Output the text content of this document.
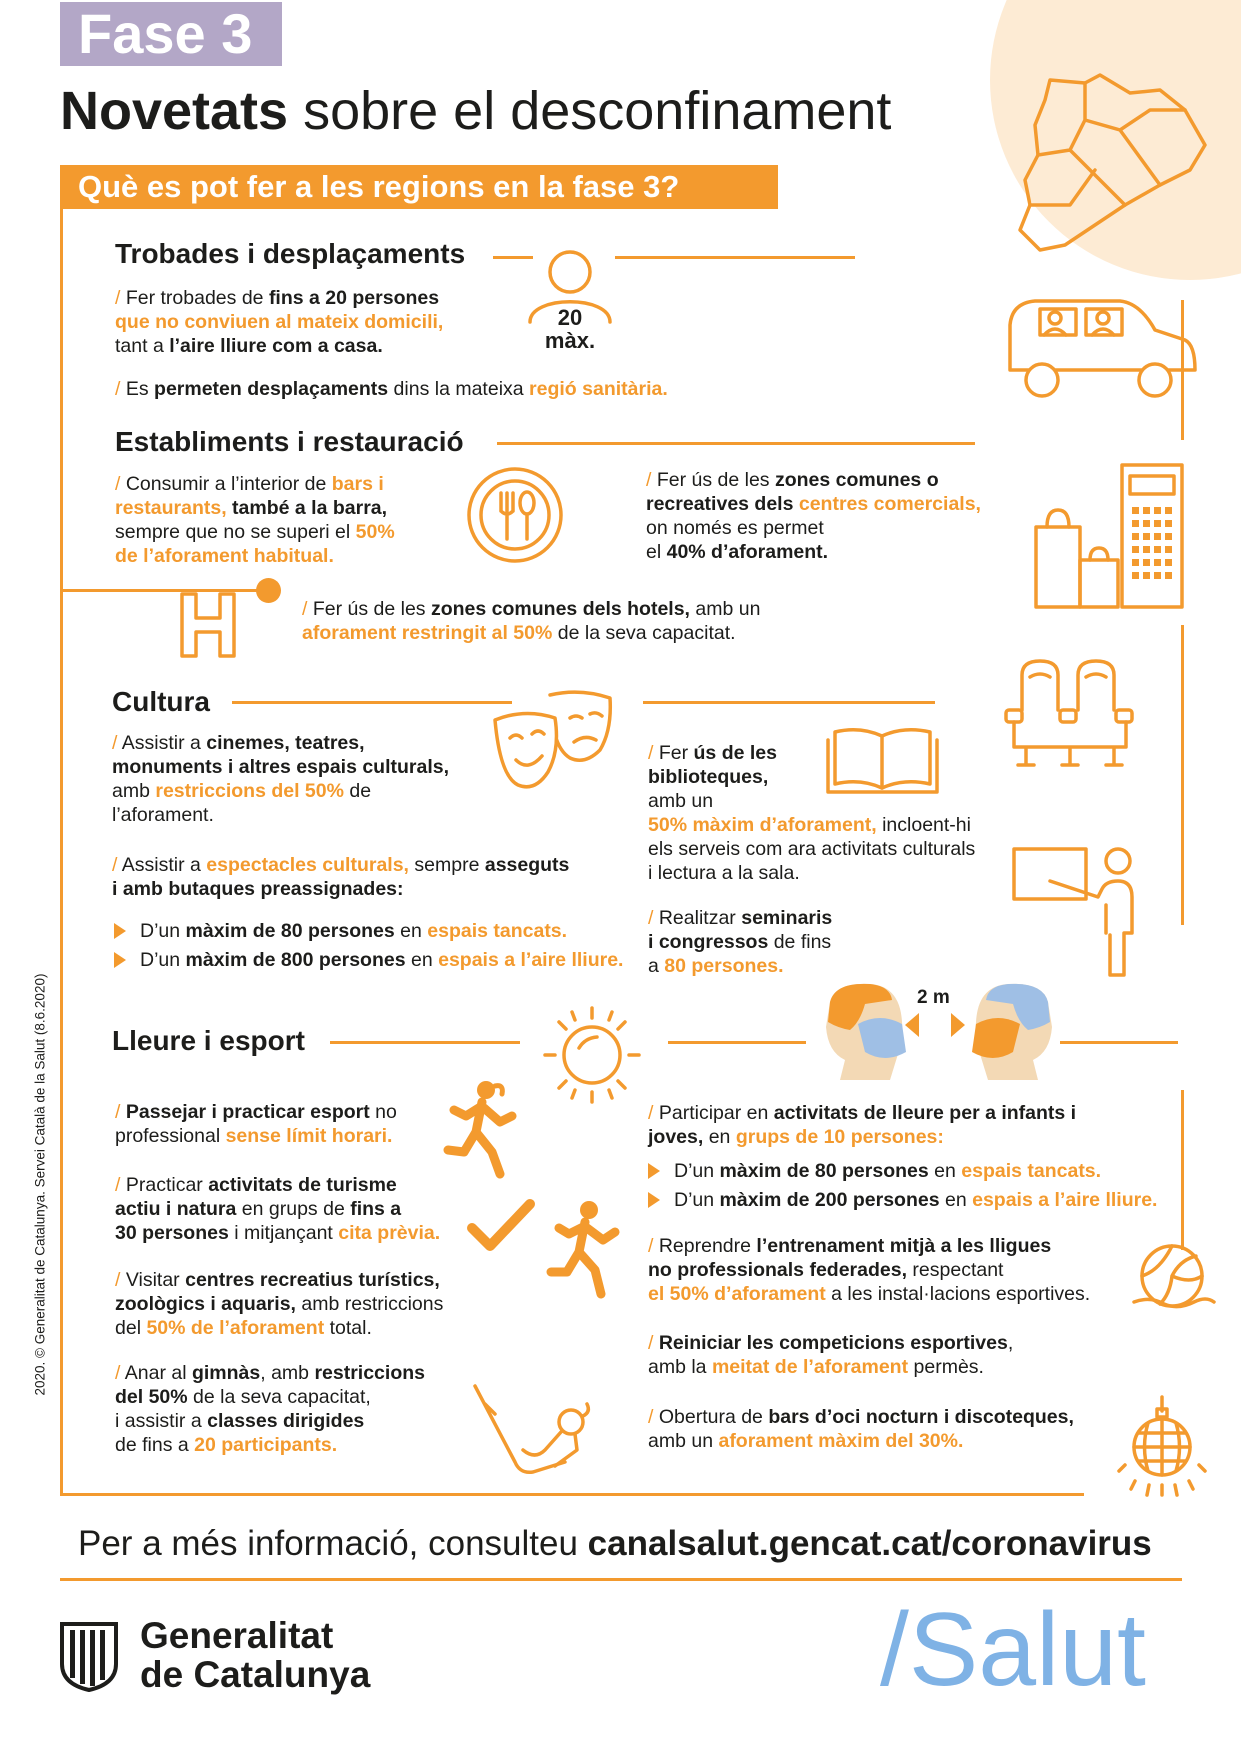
Fase 3
Novetats sobre el desconfinament
Què es pot fer a les regions en la fase 3?
2020. © Generalitat de Catalunya. Servei Català de la Salut (8.6.2020)
Trobades i desplaçaments
20
màx.
/ Fer trobades de fins a 20 persones
que no conviuen al mateix domicili,
tant a l’aire lliure com a casa.
/ Es permeten desplaçaments dins la mateixa regió sanitària.
Establiments i restauració
/ Consumir a l’interior de bars i
restaurants, també a la barra,
sempre que no se superi el 50%
de l’aforament habitual.
/ Fer ús de les zones comunes o
recreatives dels centres comercials,
on només es permet
el 40% d’aforament.
/ Fer ús de les zones comunes dels hotels, amb un
aforament restringit al 50% de la seva capacitat.
Cultura
/ Assistir a cinemes, teatres,
monuments i altres espais culturals,
amb restriccions del 50% de
l’aforament.
/ Assistir a espectacles culturals, sempre asseguts
i amb butaques preassignades:
D’un màxim de 80 persones en espais tancats.
D’un màxim de 800 persones en espais a l’aire lliure.
/ Fer ús de les
biblioteques,
amb un
50% màxim d’aforament, incloent-hi
els serveis com ara activitats culturals
i lectura a la sala.
/ Realitzar seminaris
i congressos de fins
a 80 persones.
Lleure i esport
2 m
/ Passejar i practicar esport no
professional sense límit horari.
/ Practicar activitats de turisme
actiu i natura en grups de fins a
30 persones i mitjançant cita prèvia.
/ Visitar centres recreatius turístics,
zoològics i aquaris, amb restriccions
del 50% de l’aforament total.
/ Anar al gimnàs, amb restriccions
del 50% de la seva capacitat,
i assistir a classes dirigides
de fins a 20 participants.
/ Participar en activitats de lleure per a infants i
joves, en grups de 10 persones:
D’un màxim de 80 persones en espais tancats.
D’un màxim de 200 persones en espais a l’aire lliure.
/ Reprendre l’entrenament mitjà a les lligues
no professionals federades, respectant
el 50% d’aforament a les instal·lacions esportives.
/ Reiniciar les competicions esportives,
amb la meitat de l’aforament permès.
/ Obertura de bars d’oci nocturn i discoteques,
amb un aforament màxim del 30%.
Per a més informació, consulteu canalsalut.gencat.cat/coronavirus
Generalitat
de Catalunya	/Salut
